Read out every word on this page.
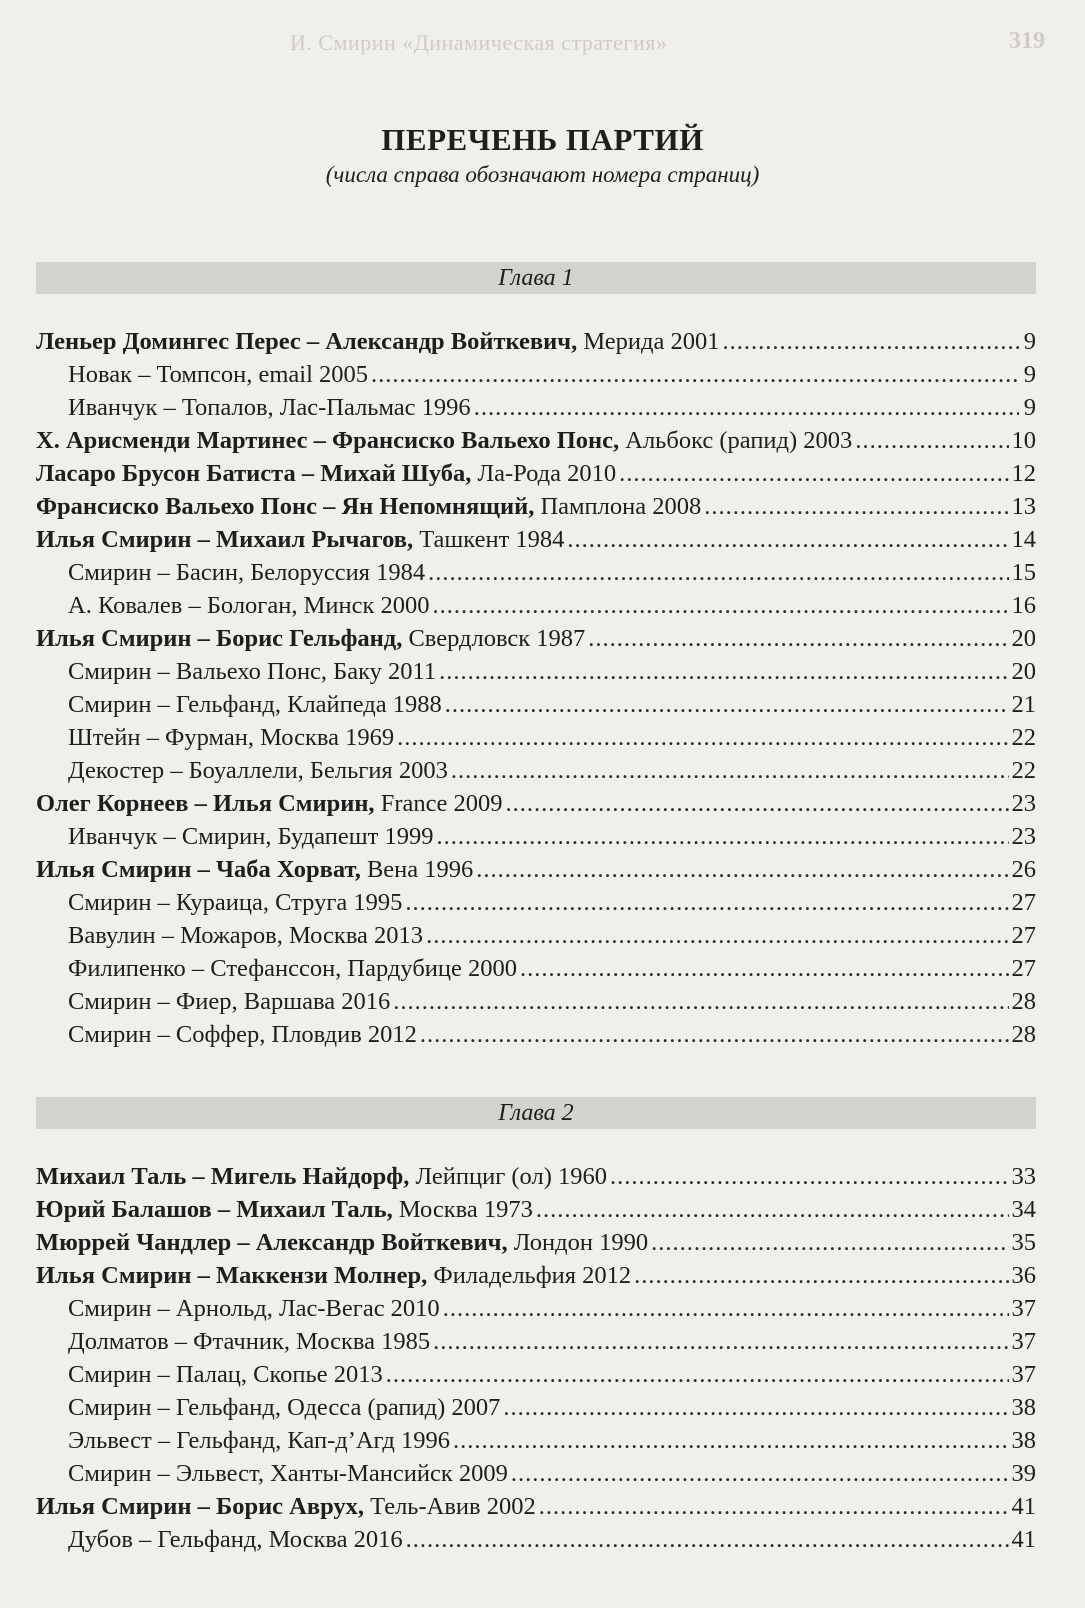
И. Смирин «Динамическая стратегия»	319
ПЕРЕЧЕНЬ ПАРТИЙ
(числа справа обозначают номера страниц)
Глава 1
Леньер Домингес Перес – Александр Войткевич, Мерида 2001 .....	9
Новак – Томпсон, email 2005 .....	9
Иванчук – Топалов, Лас-Пальмас 1996 .....	9
Х. Арисменди Мартинес – Франсиско Вальехо Понс, Альбокс (рапид) 2003 .....	10
Ласаро Брусон Батиста – Михай Шуба, Ла-Рода 2010 .....	12
Франсиско Вальехо Понс – Ян Непомнящий, Памплона 2008 .....	13
Илья Смирин – Михаил Рычагов, Ташкент 1984 .....	14
Смирин – Басин, Белоруссия 1984 .....	15
А. Ковалев – Бологан, Минск 2000 .....	16
Илья Смирин – Борис Гельфанд, Свердловск 1987 .....	20
Смирин – Вальехо Понс, Баку 2011 .....	20
Смирин – Гельфанд, Клайпеда 1988 .....	21
Штейн – Фурман, Москва 1969 .....	22
Декостер – Боуаллели, Бельгия 2003 .....	22
Олег Корнеев – Илья Смирин, France 2009 .....	23
Иванчук – Смирин, Будапешт 1999 .....	23
Илья Смирин – Чаба Хорват, Вена 1996 .....	26
Смирин – Кураица, Струга 1995 .....	27
Вавулин – Можаров, Москва 2013 .....	27
Филипенко – Стефанссон, Пардубице 2000 .....	27
Смирин – Фиер, Варшава 2016 .....	28
Смирин – Соффер, Пловдив 2012 .....	28
Глава 2
Михаил Таль – Мигель Найдорф, Лейпциг (ол) 1960 .....	33
Юрий Балашов – Михаил Таль, Москва 1973 .....	34
Мюррей Чандлер – Александр Войткевич, Лондон 1990 .....	35
Илья Смирин – Маккензи Молнер, Филадельфия 2012 .....	36
Смирин – Арнольд, Лас-Вегас 2010 .....	37
Долматов – Фтачник, Москва 1985 .....	37
Смирин – Палац, Скопье 2013 .....	37
Смирин – Гельфанд, Одесса (рапид) 2007 .....	38
Эльвест – Гельфанд, Кап-д’Агд 1996 .....	38
Смирин – Эльвест, Ханты-Мансийск 2009 .....	39
Илья Смирин – Борис Аврух, Тель-Авив 2002 .....	41
Дубов – Гельфанд, Москва 2016 .....	41
